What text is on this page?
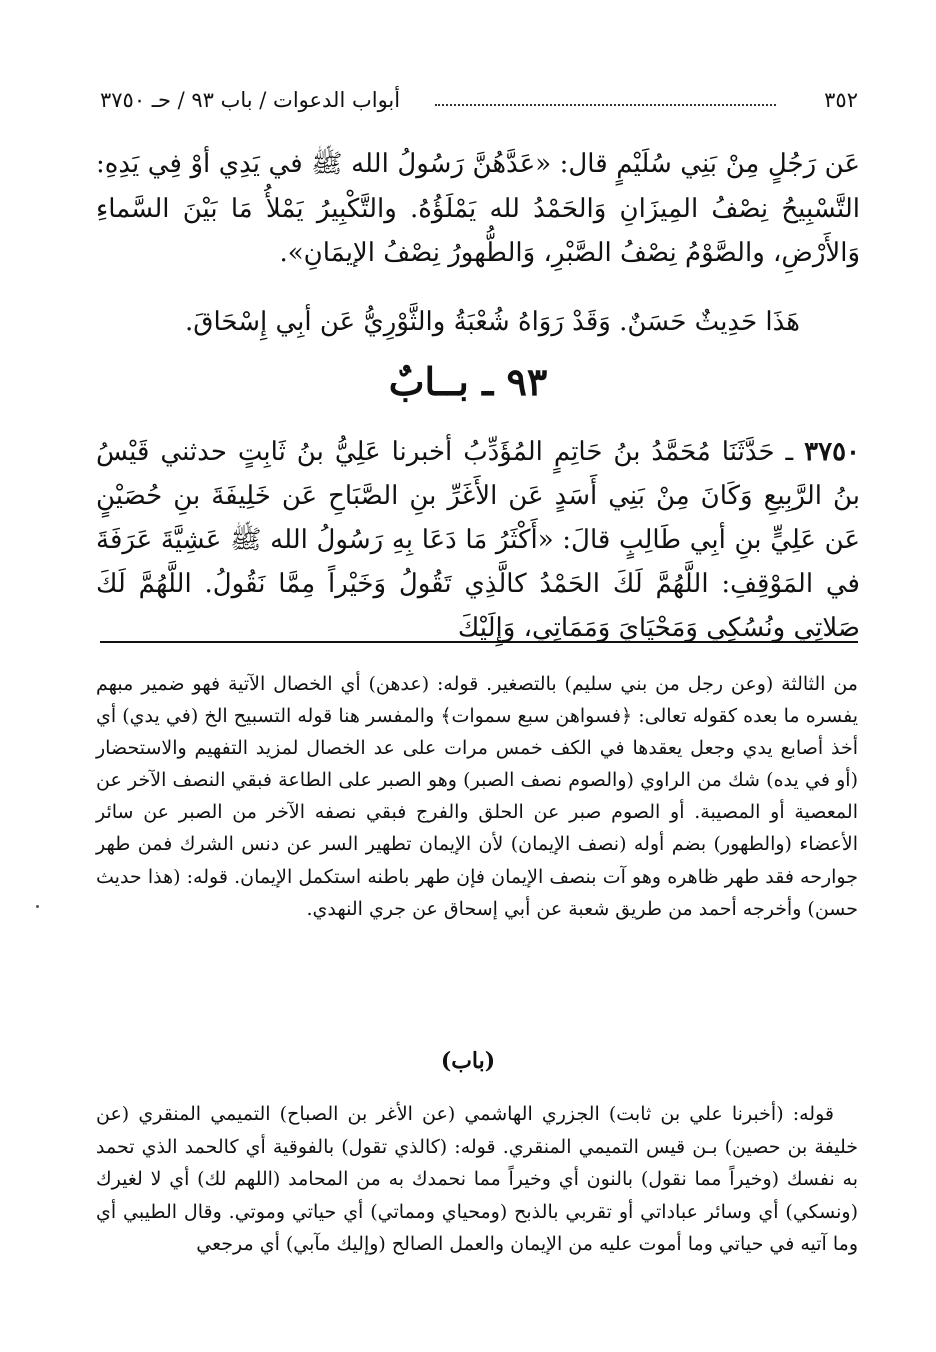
٣٥٢
أبواب الدعوات / باب ٩٣ / حـ ٣٧٥٠
عَن رَجُلٍ مِنْ بَنِي سُلَيْمٍ قال: «عَدَّهُنَّ رَسُولُ الله ﷺ في يَدِي أوْ فِي يَدِهِ: التَّسْبِيحُ نِصْفُ المِيزَانِ وَالحَمْدُ لله يَمْلَؤُهُ. والتَّكْبِيرُ يَمْلأُ مَا بَيْنَ السَّماءِ وَالأَرْضِ، والصَّوْمُ نِصْفُ الصَّبْرِ، وَالطُّهورُ نِصْفُ الإيمَانِ».
هَذَا حَدِيثٌ حَسَنٌ. وَقَدْ رَوَاهُ شُعْبَةُ والثَّوْرِيُّ عَن أبِي إِسْحَاقَ.
٩٣ ـ بــابٌ
٣٧٥٠ ـ حَدَّثَنَا مُحَمَّدُ بنُ حَاتِمٍ المُؤَدِّبُ أخبرنا عَلِيُّ بنُ ثَابِتٍ حدثني قَيْسُ بنُ الرَّبِيعِ وَكَانَ مِنْ بَنِي أَسَدٍ عَن الأَغَرِّ بنِ الصَّبَاحِ عَن خَلِيفَةَ بنِ حُصَيْنٍ عَن عَلِيٍّ بنِ أبِي طَالِبٍ قالَ: «أَكْثَرُ مَا دَعَا بِهِ رَسُولُ الله ﷺ عَشِيَّةَ عَرَفَةَ في المَوْقِفِ: اللَّهُمَّ لَكَ الحَمْدُ كالَّذِي تَقُولُ وَخَيْراً مِمَّا نَقُولُ. اللَّهُمَّ لَكَ صَلاتِي ونُسُكِي وَمَحْيَايَ وَمَمَاتِي، وَإِلَيْكَ
من الثالثة (وعن رجل من بني سليم) بالتصغير. قوله: (عدهن) أي الخصال الآتية فهو ضمير مبهم يفسره ما بعده كقوله تعالى: ﴿فسواهن سبع سموات﴾ والمفسر هنا قوله التسبيح الخ (في يدي) أي أخذ أصابع يدي وجعل يعقدها في الكف خمس مرات على عد الخصال لمزيد التفهيم والاستحضار (أو في يده) شك من الراوي (والصوم نصف الصبر) وهو الصبر على الطاعة فبقي النصف الآخر عن المعصية أو المصيبة. أو الصوم صبر عن الحلق والفرج فبقي نصفه الآخر من الصبر عن سائر الأعضاء (والطهور) بضم أوله (نصف الإيمان) لأن الإيمان تطهير السر عن دنس الشرك فمن طهر جوارحه فقد طهر ظاهره وهو آت بنصف الإيمان فإن طهر باطنه استكمل الإيمان. قوله: (هذا حديث حسن) وأخرجه أحمد من طريق شعبة عن أبي إسحاق عن جري النهدي.
(باب)
قوله: (أخبرنا علي بن ثابت) الجزري الهاشمي (عن الأغر بن الصباح) التميمي المنقري (عن خليفة بن حصين) بـن قيس التميمي المنقري. قوله: (كالذي تقول) بالفوقية أي كالحمد الذي تحمد به نفسك (وخيراً مما نقول) بالنون أي وخيراً مما نحمدك به من المحامد (اللهم لك) أي لا لغيرك (ونسكي) أي وسائر عباداتي أو تقربي بالذبح (ومحياي ومماتي) أي حياتي وموتي. وقال الطيبي أي وما آتيه في حياتي وما أموت عليه من الإيمان والعمل الصالح (وإليك مآبي) أي مرجعي
